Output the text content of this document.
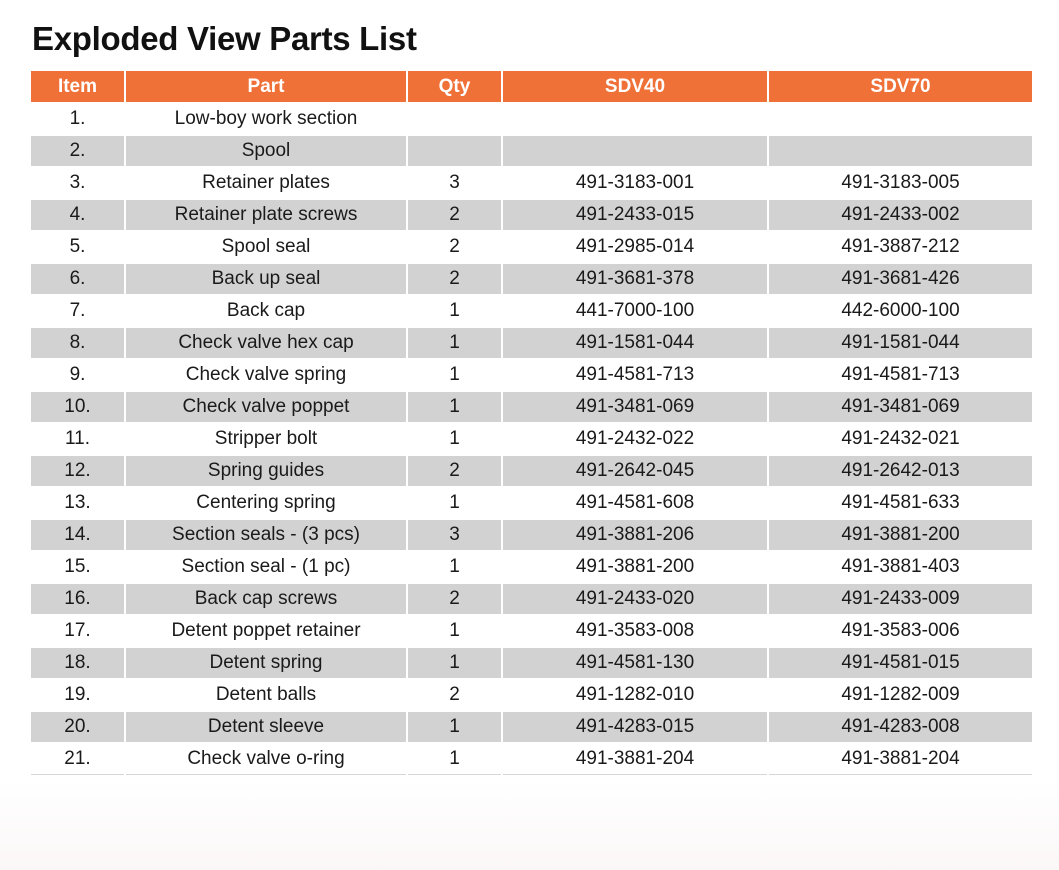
Exploded View Parts List
Item	Part	Qty	SDV40	SDV70
1.	Low-boy work section			
2.	Spool			
3.	Retainer plates	3	491-3183-001	491-3183-005
4.	Retainer plate screws	2	491-2433-015	491-2433-002
5.	Spool seal	2	491-2985-014	491-3887-212
6.	Back up seal	2	491-3681-378	491-3681-426
7.	Back cap	1	441-7000-100	442-6000-100
8.	Check valve hex cap	1	491-1581-044	491-1581-044
9.	Check valve spring	1	491-4581-713	491-4581-713
10.	Check valve poppet	1	491-3481-069	491-3481-069
11.	Stripper bolt	1	491-2432-022	491-2432-021
12.	Spring guides	2	491-2642-045	491-2642-013
13.	Centering spring	1	491-4581-608	491-4581-633
14.	Section seals - (3 pcs)	3	491-3881-206	491-3881-200
15.	Section seal - (1 pc)	1	491-3881-200	491-3881-403
16.	Back cap screws	2	491-2433-020	491-2433-009
17.	Detent poppet retainer	1	491-3583-008	491-3583-006
18.	Detent spring	1	491-4581-130	491-4581-015
19.	Detent balls	2	491-1282-010	491-1282-009
20.	Detent sleeve	1	491-4283-015	491-4283-008
21.	Check valve o-ring	1	491-3881-204	491-3881-204
